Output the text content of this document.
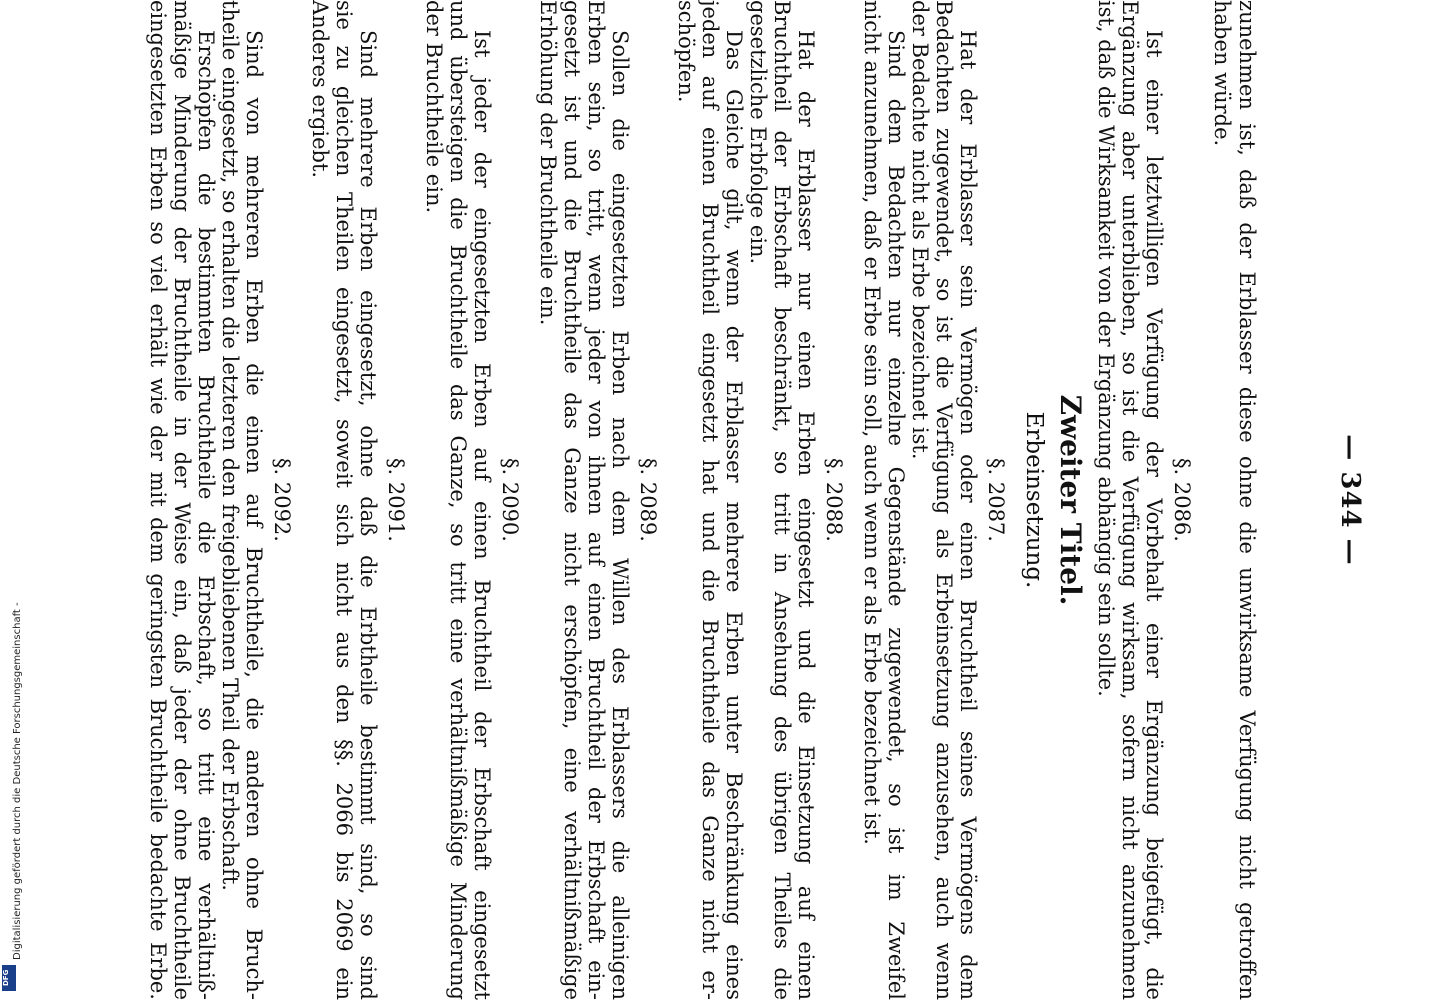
Digitalisierung gefördert durch die Deutsche Forschungsgemeinschaft -
DFG
— 344 —
zunehmen ist, daß der Erblasser diese ohne die unwirksame Verfügung nicht getroffen
haben würde.
§. 2086.
Ist einer letztwilligen Verfügung der Vorbehalt einer Ergänzung beigefügt, die
Ergänzung aber unterblieben, so ist die Verfügung wirksam, sofern nicht anzunehmen
ist, daß die Wirksamkeit von der Ergänzung abhängig sein sollte.
Zweiter Titel.
Erbeinsetzung.
§. 2087.
Hat der Erblasser sein Vermögen oder einen Bruchtheil seines Vermögens dem
Bedachten zugewendet, so ist die Verfügung als Erbeinsetzung anzusehen, auch wenn
der Bedachte nicht als Erbe bezeichnet ist.
Sind dem Bedachten nur einzelne Gegenstände zugewendet, so ist im Zweifel
nicht anzunehmen, daß er Erbe sein soll, auch wenn er als Erbe bezeichnet ist.
§. 2088.
Hat der Erblasser nur einen Erben eingesetzt und die Einsetzung auf einen
Bruchtheil der Erbschaft beschränkt, so tritt in Ansehung des übrigen Theiles die
gesetzliche Erbfolge ein.
Das Gleiche gilt, wenn der Erblasser mehrere Erben unter Beschränkung eines
jeden auf einen Bruchtheil eingesetzt hat und die Bruchtheile das Ganze nicht er-
schöpfen.
§. 2089.
Sollen die eingesetzten Erben nach dem Willen des Erblassers die alleinigen
Erben sein, so tritt, wenn jeder von ihnen auf einen Bruchtheil der Erbschaft ein-
gesetzt ist und die Bruchtheile das Ganze nicht erschöpfen, eine verhältnißmäßige
Erhöhung der Bruchtheile ein.
§. 2090.
Ist jeder der eingesetzten Erben auf einen Bruchtheil der Erbschaft eingesetzt
und übersteigen die Bruchtheile das Ganze, so tritt eine verhältnißmäßige Minderung
der Bruchtheile ein.
§. 2091.
Sind mehrere Erben eingesetzt, ohne daß die Erbtheile bestimmt sind, so sind
sie zu gleichen Theilen eingesetzt, soweit sich nicht aus den §§. 2066 bis 2069 ein
Anderes ergiebt.
§. 2092.
Sind von mehreren Erben die einen auf Bruchtheile, die anderen ohne Bruch-
theile eingesetzt, so erhalten die letzteren den freigebliebenen Theil der Erbschaft.
Erschöpfen die bestimmten Bruchtheile die Erbschaft, so tritt eine verhältniß-
mäßige Minderung der Bruchtheile in der Weise ein, daß jeder der ohne Bruchtheile
eingesetzten Erben so viel erhält wie der mit dem geringsten Bruchtheile bedachte Erbe.
